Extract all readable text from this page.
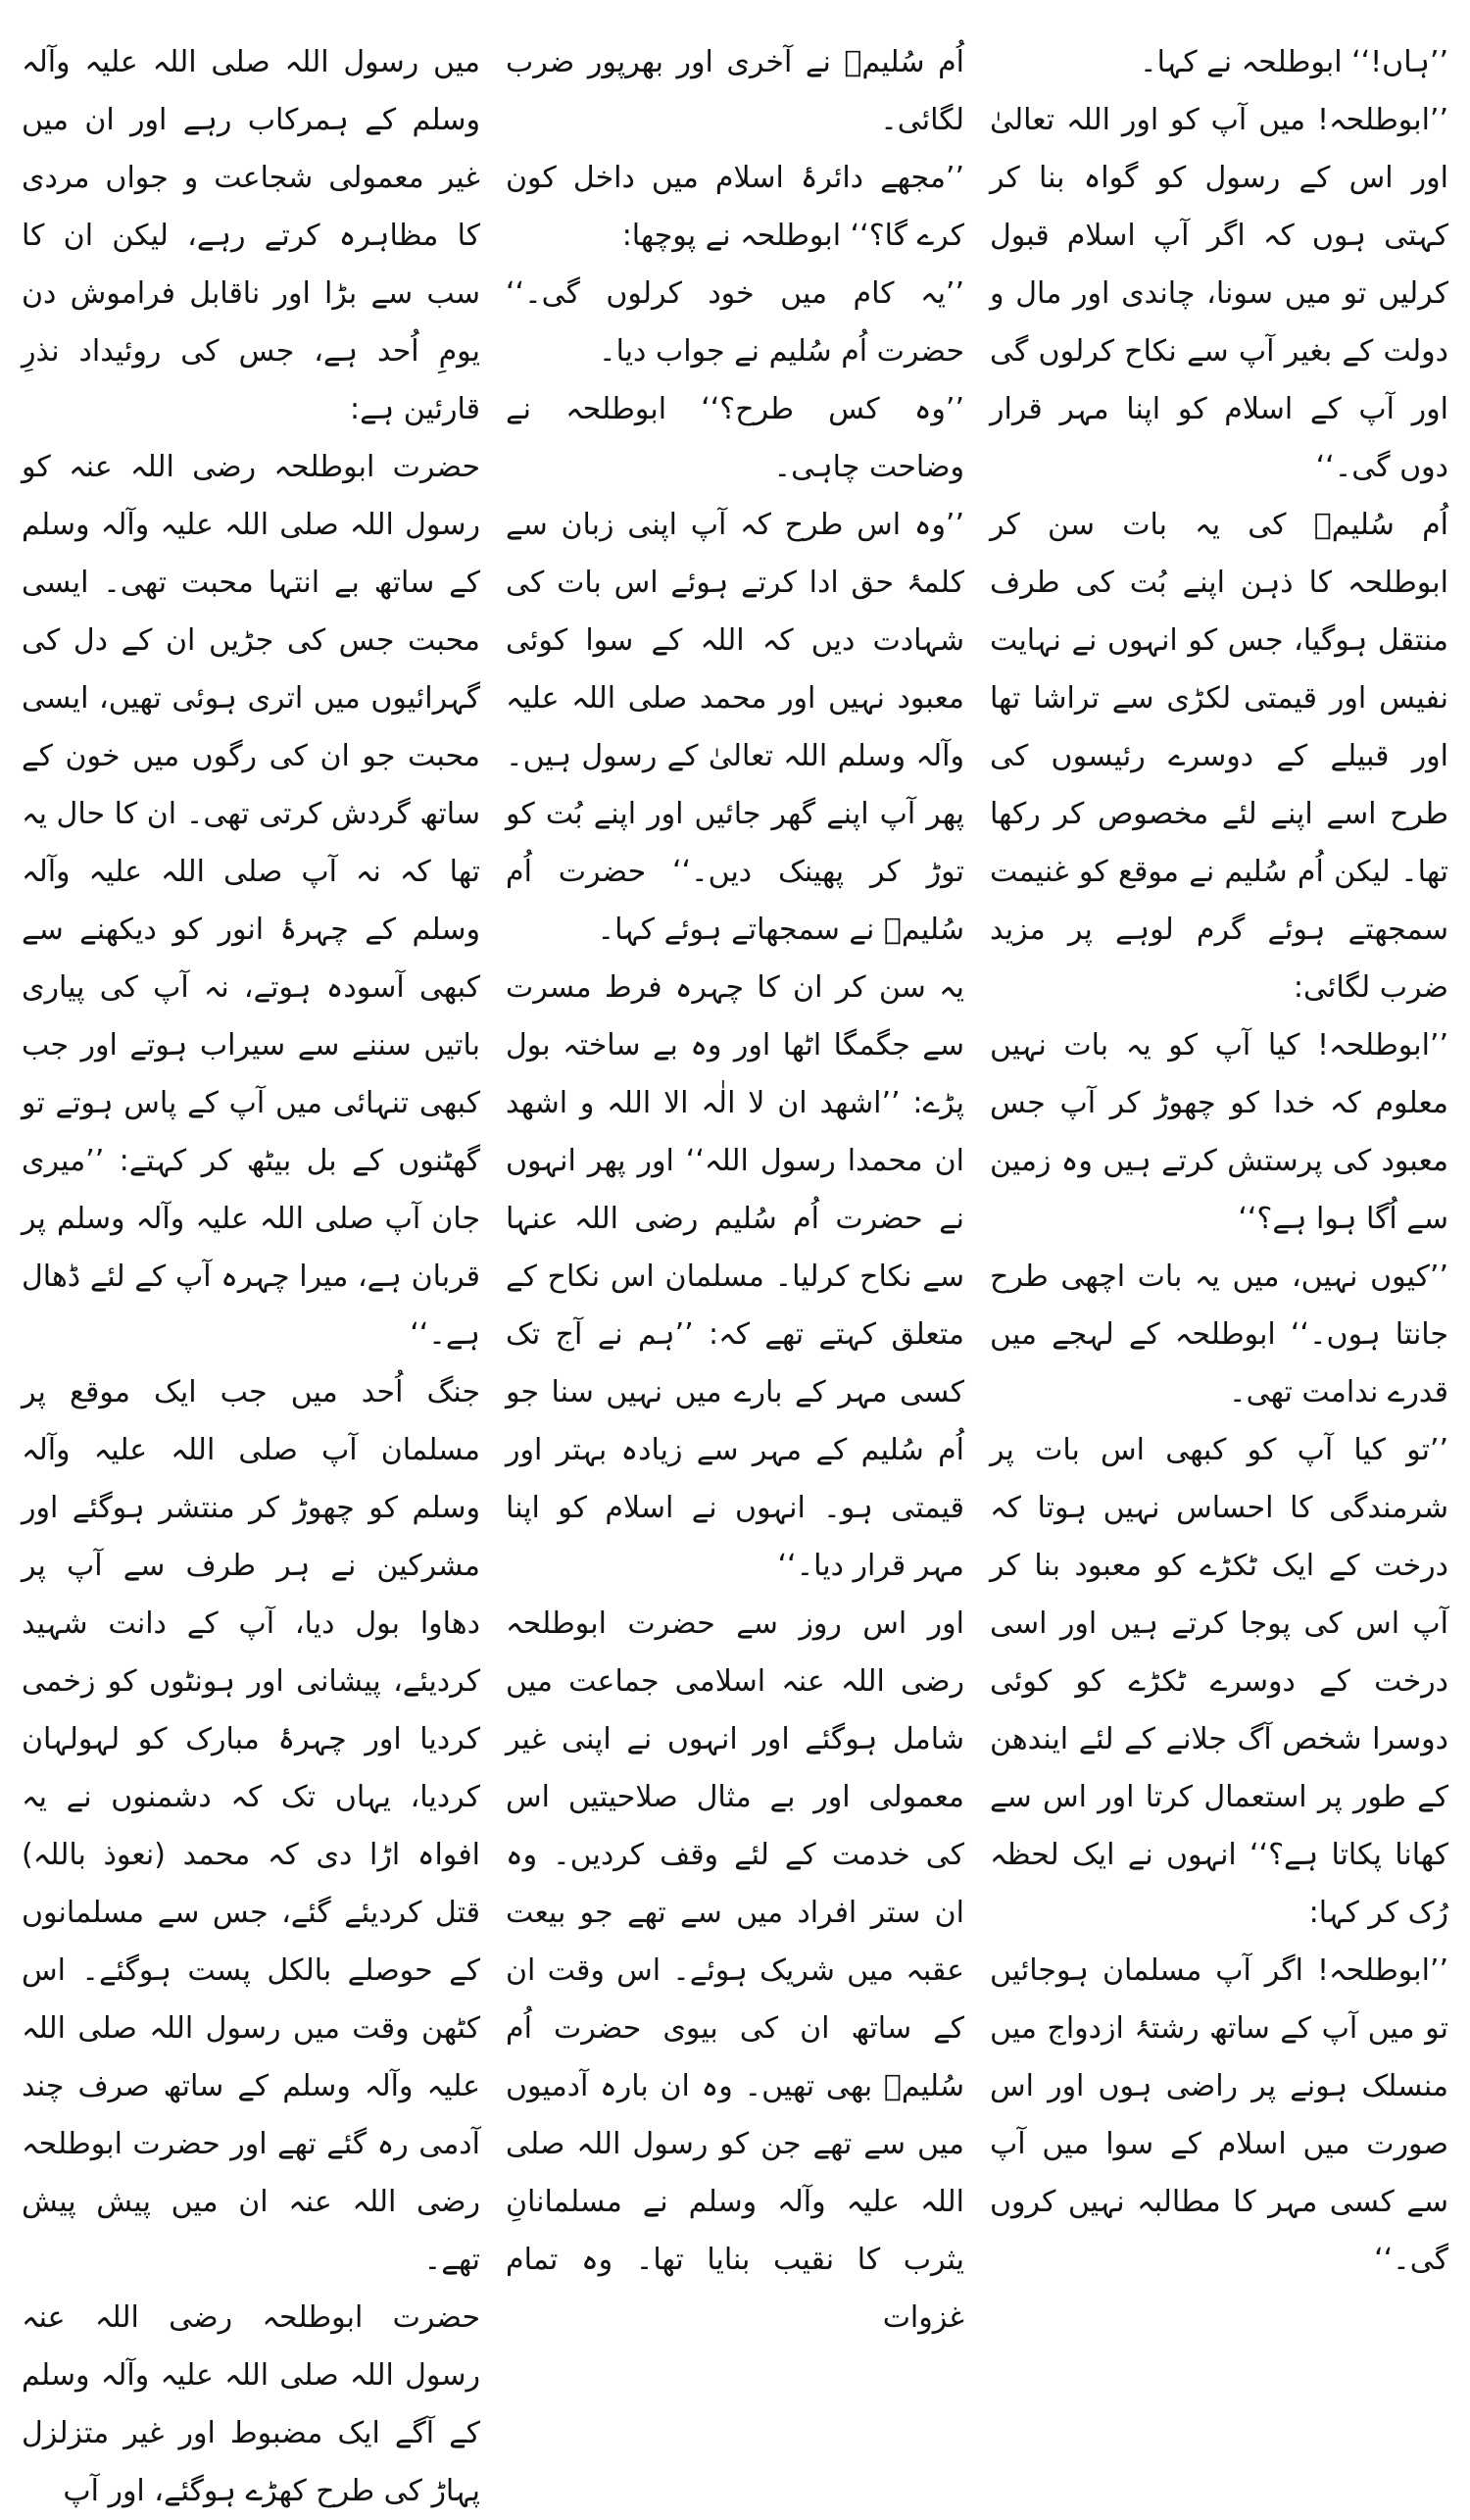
’’ہاں!‘‘ ابوطلحہ نے کہا۔

’’ابوطلحہ! میں آپ کو اور اللہ تعالیٰ اور اس کے رسول کو گواہ بنا کر کہتی ہوں کہ اگر آپ اسلام قبول کرلیں تو میں سونا، چاندی اور مال و دولت کے بغیر آپ سے نکاح کرلوں گی اور آپ کے اسلام کو اپنا مہر قرار دوں گی۔‘‘

اُم سُلیمؓ کی یہ بات سن کر ابوطلحہ کا ذہن اپنے بُت کی طرف منتقل ہوگیا، جس کو انہوں نے نہایت نفیس اور قیمتی لکڑی سے تراشا تھا اور قبیلے کے دوسرے رئیسوں کی طرح اسے اپنے لئے مخصوص کر رکھا تھا۔ لیکن اُم سُلیم نے موقع کو غنیمت سمجھتے ہوئے گرم لوہے پر مزید ضرب لگائی:

’’ابوطلحہ! کیا آپ کو یہ بات نہیں معلوم کہ خدا کو چھوڑ کر آپ جس معبود کی پرستش کرتے ہیں وہ زمین سے اُگا ہوا ہے؟‘‘

’’کیوں نہیں، میں یہ بات اچھی طرح جانتا ہوں۔‘‘ ابوطلحہ کے لہجے میں قدرے ندامت تھی۔

’’تو کیا آپ کو کبھی اس بات پر شرمندگی کا احساس نہیں ہوتا کہ درخت کے ایک ٹکڑے کو معبود بنا کر آپ اس کی پوجا کرتے ہیں اور اسی درخت کے دوسرے ٹکڑے کو کوئی دوسرا شخص آگ جلانے کے لئے ایندھن کے طور پر استعمال کرتا اور اس سے کھانا پکاتا ہے؟‘‘ انہوں نے ایک لحظہ رُک کر کہا:

’’ابوطلحہ! اگر آپ مسلمان ہوجائیں تو میں آپ کے ساتھ رشتۂ ازدواج میں منسلک ہونے پر راضی ہوں اور اس صورت میں اسلام کے سوا میں آپ سے کسی مہر کا مطالبہ نہیں کروں گی۔‘‘

اُم سُلیمؓ نے آخری اور بھرپور ضرب لگائی۔

’’مجھے دائرۂ اسلام میں داخل کون کرے گا؟‘‘ ابوطلحہ نے پوچھا:

’’یہ کام میں خود کرلوں گی۔‘‘ حضرت اُم سُلیم نے جواب دیا۔

’’وہ کس طرح؟‘‘ ابوطلحہ نے وضاحت چاہی۔

’’وہ اس طرح کہ آپ اپنی زبان سے کلمۂ حق ادا کرتے ہوئے اس بات کی شہادت دیں کہ اللہ کے سوا کوئی معبود نہیں اور محمد صلی اللہ علیہ وآلہ وسلم اللہ تعالیٰ کے رسول ہیں۔ پھر آپ اپنے گھر جائیں اور اپنے بُت کو توڑ کر پھینک دیں۔‘‘ حضرت اُم سُلیمؓ نے سمجھاتے ہوئے کہا۔

یہ سن کر ان کا چہرہ فرط مسرت سے جگمگا اٹھا اور وہ بے ساختہ بول پڑے: ’’اشھد ان لا الٰہ الا اللہ و اشھد ان محمدا رسول اللہ‘‘ اور پھر انہوں نے حضرت اُم سُلیم رضی اللہ عنہا سے نکاح کرلیا۔ مسلمان اس نکاح کے متعلق کہتے تھے کہ: ’’ہم نے آج تک کسی مہر کے بارے میں نہیں سنا جو اُم سُلیم کے مہر سے زیادہ بہتر اور قیمتی ہو۔ انہوں نے اسلام کو اپنا مہر قرار دیا۔‘‘

اور اس روز سے حضرت ابوطلحہ رضی اللہ عنہ اسلامی جماعت میں شامل ہوگئے اور انہوں نے اپنی غیر معمولی اور بے مثال صلاحیتیں اس کی خدمت کے لئے وقف کردیں۔ وہ ان ستر افراد میں سے تھے جو بیعت عقبہ میں شریک ہوئے۔ اس وقت ان کے ساتھ ان کی بیوی حضرت اُم سُلیمؓ بھی تھیں۔ وہ ان بارہ آدمیوں میں سے تھے جن کو رسول اللہ صلی اللہ علیہ وآلہ وسلم نے مسلمانانِ یثرب کا نقیب بنایا تھا۔ وہ تمام غزوات

میں رسول اللہ صلی اللہ علیہ وآلہ وسلم کے ہمرکاب رہے اور ان میں غیر معمولی شجاعت و جواں مردی کا مظاہرہ کرتے رہے، لیکن ان کا سب سے بڑا اور ناقابل فراموش دن یومِ اُحد ہے، جس کی روئیداد نذرِ قارئین ہے:

حضرت ابوطلحہ رضی اللہ عنہ کو رسول اللہ صلی اللہ علیہ وآلہ وسلم کے ساتھ بے انتہا محبت تھی۔ ایسی محبت جس کی جڑیں ان کے دل کی گہرائیوں میں اتری ہوئی تھیں، ایسی محبت جو ان کی رگوں میں خون کے ساتھ گردش کرتی تھی۔ ان کا حال یہ تھا کہ نہ آپ صلی اللہ علیہ وآلہ وسلم کے چہرۂ انور کو دیکھنے سے کبھی آسودہ ہوتے، نہ آپ کی پیاری باتیں سننے سے سیراب ہوتے اور جب کبھی تنہائی میں آپ کے پاس ہوتے تو گھٹنوں کے بل بیٹھ کر کہتے: ’’میری جان آپ صلی اللہ علیہ وآلہ وسلم پر قربان ہے، میرا چہرہ آپ کے لئے ڈھال ہے۔‘‘

جنگ اُحد میں جب ایک موقع پر مسلمان آپ صلی اللہ علیہ وآلہ وسلم کو چھوڑ کر منتشر ہوگئے اور مشرکین نے ہر طرف سے آپ پر دھاوا بول دیا، آپ کے دانت شہید کردیئے، پیشانی اور ہونٹوں کو زخمی کردیا اور چہرۂ مبارک کو لہولہان کردیا، یہاں تک کہ دشمنوں نے یہ افواہ اڑا دی کہ محمد (نعوذ باللہ) قتل کردیئے گئے، جس سے مسلمانوں کے حوصلے بالکل پست ہوگئے۔ اس کٹھن وقت میں رسول اللہ صلی اللہ علیہ وآلہ وسلم کے ساتھ صرف چند آدمی رہ گئے تھے اور حضرت ابوطلحہ رضی اللہ عنہ ان میں پیش پیش تھے۔

حضرت ابوطلحہ رضی اللہ عنہ رسول اللہ صلی اللہ علیہ وآلہ وسلم کے آگے ایک مضبوط اور غیر متزلزل پہاڑ کی طرح کھڑے ہوگئے، اور آپ
